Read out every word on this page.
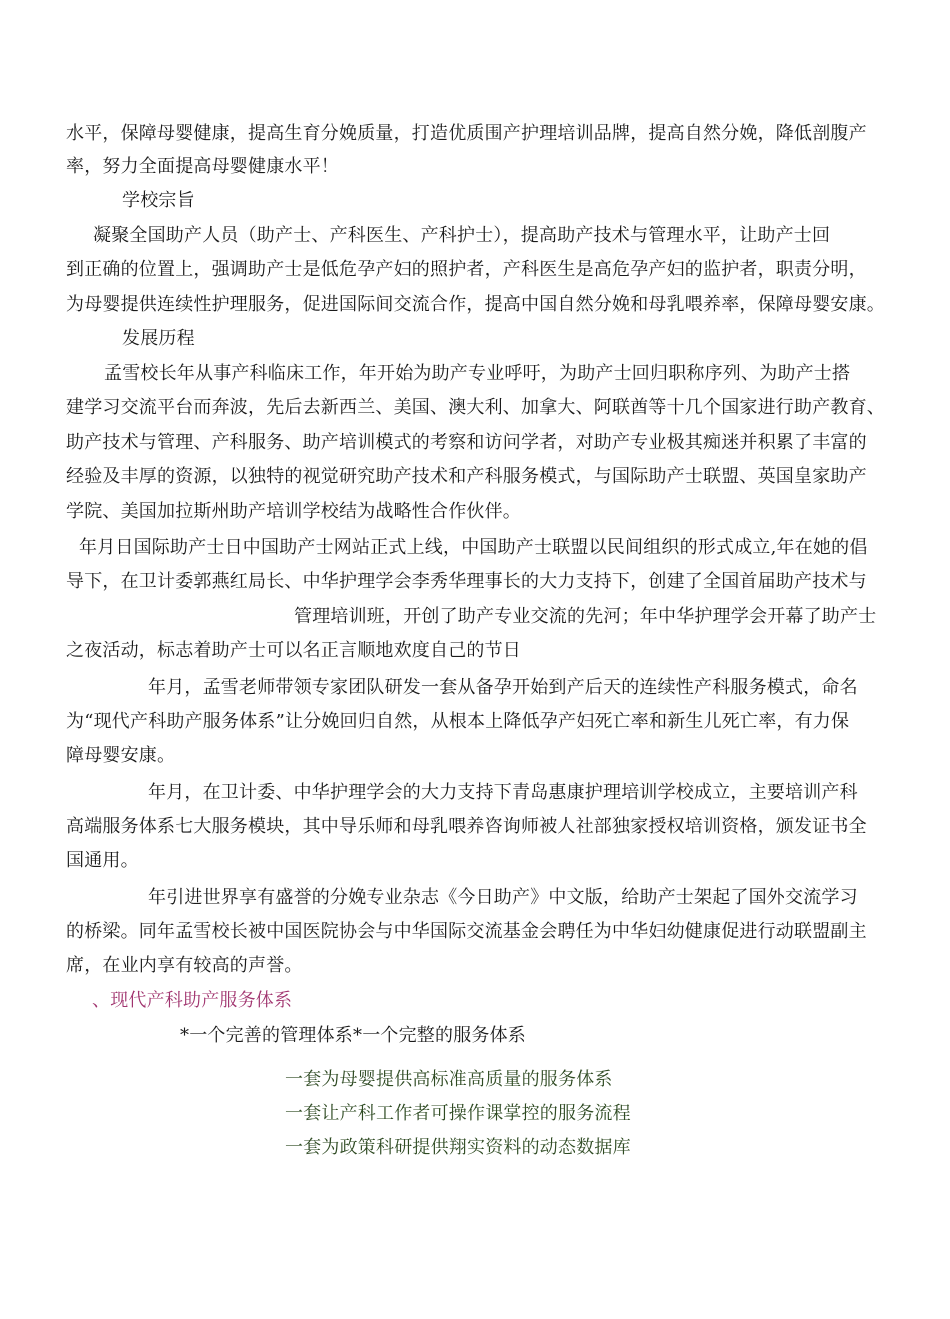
水平，保障母婴健康，提高生育分娩质量，打造优质围产护理培训品牌，提高自然分娩，降低剖腹产
率，努力全面提高母婴健康水平！
学校宗旨
凝聚全国助产人员（助产士、产科医生、产科护士），提高助产技术与管理水平，让助产士回
到正确的位置上，强调助产士是低危孕产妇的照护者，产科医生是高危孕产妇的监护者，职责分明，
为母婴提供连续性护理服务，促进国际间交流合作，提高中国自然分娩和母乳喂养率，保障母婴安康。
发展历程
孟雪校长年从事产科临床工作，年开始为助产专业呼吁，为助产士回归职称序列、为助产士搭
建学习交流平台而奔波，先后去新西兰、美国、澳大利、加拿大、阿联酋等十几个国家进行助产教育、
助产技术与管理、产科服务、助产培训模式的考察和访问学者，对助产专业极其痴迷并积累了丰富的
经验及丰厚的资源，以独特的视觉研究助产技术和产科服务模式，与国际助产士联盟、英国皇家助产
学院、美国加拉斯州助产培训学校结为战略性合作伙伴。
年月日国际助产士日中国助产士网站正式上线，中国助产士联盟以民间组织的形式成立,年在她的倡
导下，在卫计委郭燕红局长、中华护理学会李秀华理事长的大力支持下，创建了全国首届助产技术与
管理培训班，开创了助产专业交流的先河；年中华护理学会开幕了助产士
之夜活动，标志着助产士可以名正言顺地欢度自己的节日
年月，孟雪老师带领专家团队研发一套从备孕开始到产后天的连续性产科服务模式，命名
为“现代产科助产服务体系”让分娩回归自然，从根本上降低孕产妇死亡率和新生儿死亡率，有力保
障母婴安康。
年月，在卫计委、中华护理学会的大力支持下青岛惠康护理培训学校成立，主要培训产科
高端服务体系七大服务模块，其中导乐师和母乳喂养咨询师被人社部独家授权培训资格，颁发证书全
国通用。
年引进世界享有盛誉的分娩专业杂志《今日助产》中文版，给助产士架起了国外交流学习
的桥梁。同年孟雪校长被中国医院协会与中华国际交流基金会聘任为中华妇幼健康促进行动联盟副主
席，在业内享有较高的声誉。
、现代产科助产服务体系
*一个完善的管理体系*一个完整的服务体系
一套为母婴提供高标准高质量的服务体系
一套让产科工作者可操作课掌控的服务流程
一套为政策科研提供翔实资料的动态数据库
